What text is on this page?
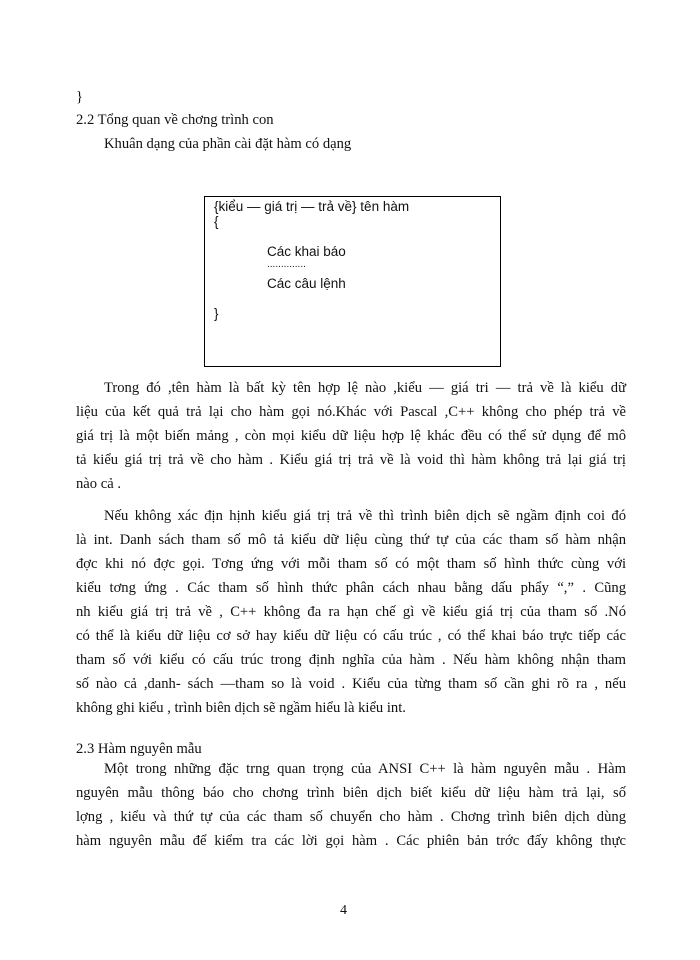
}
2.2 Tổng quan về chơng trình con
Khuân dạng của phần cài đặt hàm có dạng
{kiểu — giá trị — trả về} tên hàm
{
Các khai báo
..............
Các câu lệnh
}
Trong đó ,tên hàm là bất kỳ tên hợp lệ nào ,kiểu — giá tri — trả về là kiểu dữ
liệu của kết quả trả lại cho hàm gọi nó.Khác với Pascal ,C++ không cho phép trả về
giá trị là một biến mảng , còn mọi kiểu dữ liệu hợp lệ khác đều có thể sử dụng để mô
tả kiểu giá trị trả về cho hàm . Kiểu giá trị trả về là void thì hàm không trả lại giá trị
nào cả .
Nếu không xác địn hịnh kiểu giá trị trả về thì trình biên dịch sẽ ngầm định coi đó
là int. Danh sách tham số mô tả kiểu dữ liệu cùng thứ tự của các tham số hàm nhận
đợc khi nó đợc gọi. Tơng ứng với mỗi tham số có một tham số hình thức cùng với
kiểu tơng ứng . Các tham số hình thức phân cách nhau bằng dấu phẩy “,” . Cũng
nh kiểu giá trị trả về , C++ không đa ra hạn chế gì về kiểu giá trị của tham số .Nó
có thể là kiểu dữ liệu cơ sở hay kiểu dữ liệu có cấu trúc , có thể khai báo trực tiếp các
tham số với kiểu có cấu trúc trong định nghĩa của hàm . Nếu hàm không nhận tham
số nào cả ,danh- sách —tham so là void . Kiểu của từng tham số cần ghi rõ ra , nếu
không ghi kiểu , trình biên dịch sẽ ngầm hiểu là kiểu int.
2.3 Hàm nguyên mẫu
Một trong những đặc trng quan trọng của ANSI C++ là hàm nguyên mẫu . Hàm
nguyên mẫu thông báo cho chơng trình biên dịch biết kiểu dữ liệu hàm trả lại, số
lợng , kiểu và thứ tự của các tham số chuyển cho hàm . Chơng trình biên dịch dùng
hàm nguyên mẫu để kiểm tra các lời gọi hàm . Các phiên bản trớc đấy không thực
4
